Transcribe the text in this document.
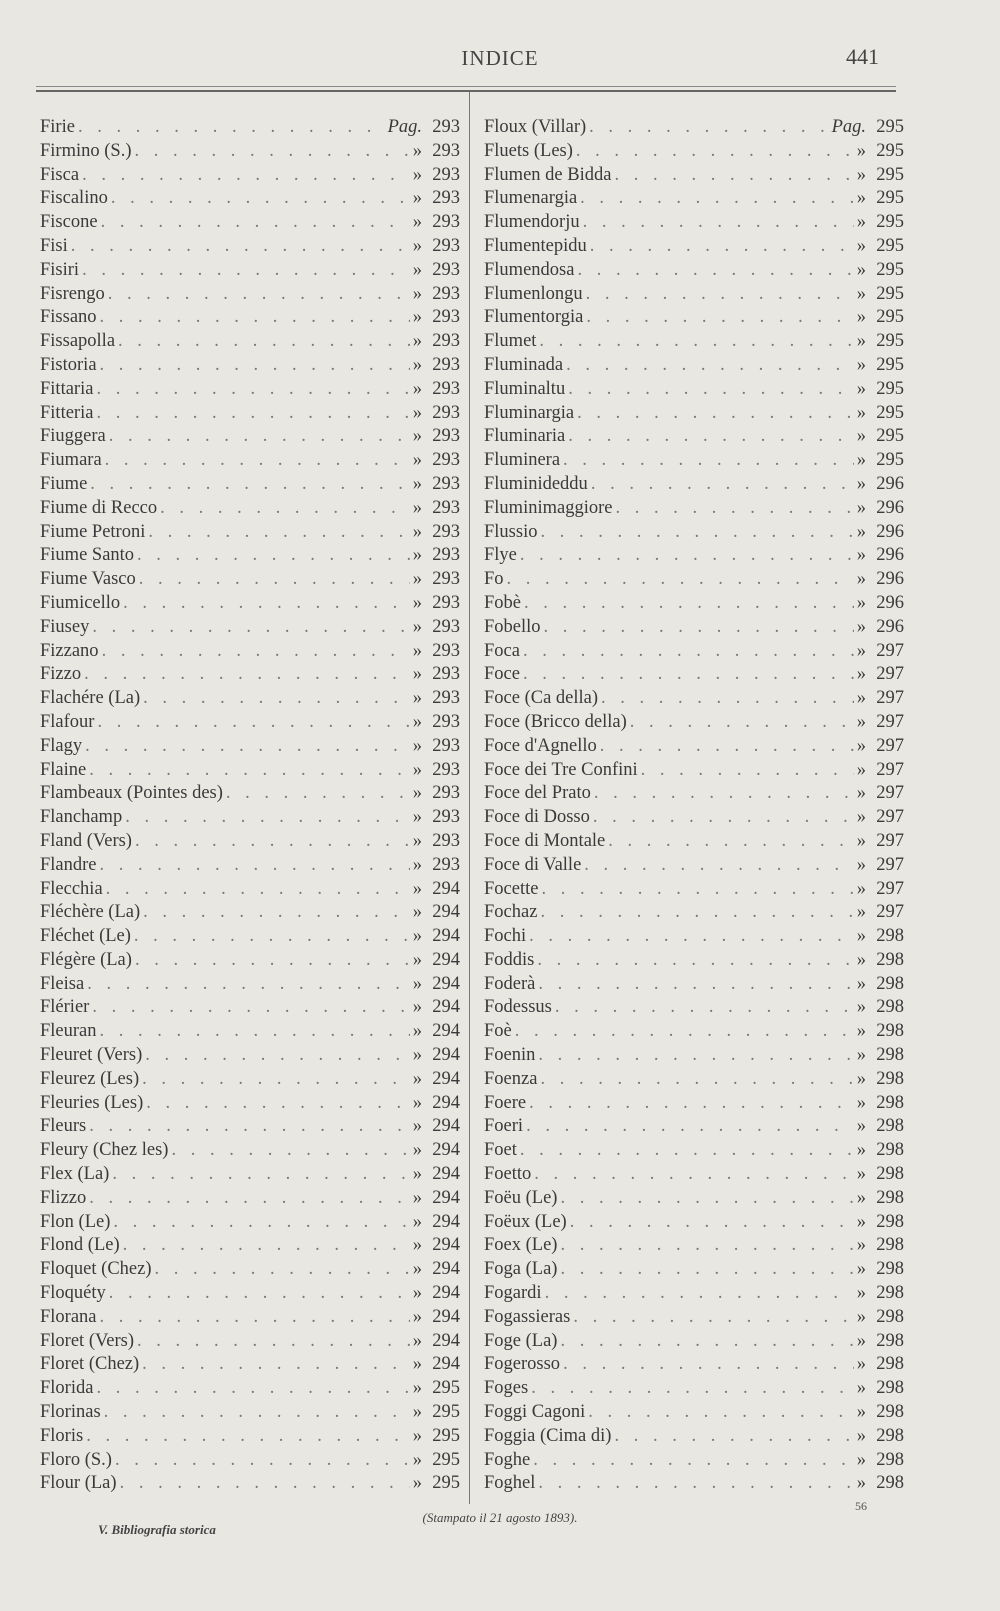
INDICE	441
Firie . . .	Pag. 293
Firmino (S.) . . .	» 293
Fisca . . .	» 293
Fiscalino . . .	» 293
Fiscone . . .	» 293
Fisi . . .	» 293
Fisiri . . .	» 293
Fisrengo . . .	» 293
Fissano . . .	» 293
Fissapolla . . .	» 293
Fistoria . . .	» 293
Fittaria . . .	» 293
Fitteria . . .	» 293
Fiuggera . . .	» 293
Fiumara . . .	» 293
Fiume . . .	» 293
Fiume di Recco . . .	» 293
Fiume Petroni . . .	» 293
Fiume Santo . . .	» 293
Fiume Vasco . . .	» 293
Fiumicello . . .	» 293
Fiusey . . .	» 293
Fizzano . . .	» 293
Fizzo . . .	» 293
Flachére (La) . . .	» 293
Flafour . . .	» 293
Flagy . . .	» 293
Flaine . . .	» 293
Flambeaux (Pointes des) . . .	» 293
Flanchamp . . .	» 293
Fland (Vers) . . .	» 293
Flandre . . .	» 293
Flecchia . . .	» 294
Fléchère (La) . . .	» 294
Fléchet (Le) . . .	» 294
Flégère (La) . . .	» 294
Fleisa . . .	» 294
Flérier . . .	» 294
Fleuran . . .	» 294
Fleuret (Vers) . . .	» 294
Fleurez (Les) . . .	» 294
Fleuries (Les) . . .	» 294
Fleurs . . .	» 294
Fleury (Chez les) . . .	» 294
Flex (La) . . .	» 294
Flizzo . . .	» 294
Flon (Le) . . .	» 294
Flond (Le) . . .	» 294
Floquet (Chez) . . .	» 294
Floquéty . . .	» 294
Florana . . .	» 294
Floret (Vers) . . .	» 294
Floret (Chez) . . .	» 294
Florida . . .	» 295
Florinas . . .	» 295
Floris . . .	» 295
Floro (S.) . . .	» 295
Flour (La) . . .	» 295
Floux (Villar) . . .	Pag. 295
Fluets (Les) . . .	» 295
Flumen de Bidda . . .	» 295
Flumenargia . . .	» 295
Flumendorju . . .	» 295
Flumentepidu . . .	» 295
Flumendosa . . .	» 295
Flumenlongu . . .	» 295
Flumentorgia . . .	» 295
Flumet . . .	» 295
Fluminada . . .	» 295
Fluminaltu . . .	» 295
Fluminargia . . .	» 295
Fluminaria . . .	» 295
Fluminera . . .	» 295
Fluminideddu . . .	» 296
Fluminimaggiore . . .	» 296
Flussio . . .	» 296
Flye . . .	» 296
Fo . . .	» 296
Fobè . . .	» 296
Fobello . . .	» 296
Foca . . .	» 297
Foce . . .	» 297
Foce (Ca della) . . .	» 297
Foce (Bricco della) . . .	» 297
Foce d'Agnello . . .	» 297
Foce dei Tre Confini . . .	» 297
Foce del Prato . . .	» 297
Foce di Dosso . . .	» 297
Foce di Montale . . .	» 297
Foce di Valle . . .	» 297
Focette . . .	» 297
Fochaz . . .	» 297
Fochi . . .	» 298
Foddis . . .	» 298
Foderà . . .	» 298
Fodessus . . .	» 298
Foè . . .	» 298
Foenin . . .	» 298
Foenza . . .	» 298
Foere . . .	» 298
Foeri . . .	» 298
Foet . . .	» 298
Foetto . . .	» 298
Foëu (Le) . . .	» 298
Foëux (Le) . . .	» 298
Foex (Le) . . .	» 298
Foga (La) . . .	» 298
Fogardi . . .	» 298
Fogassieras . . .	» 298
Foge (La) . . .	» 298
Fogerosso . . .	» 298
Foges . . .	» 298
Foggi Cagoni . . .	» 298
Foggia (Cima di) . . .	» 298
Foghe . . .	» 298
Foghel . . .	» 298
V. Bibliografia storica
(Stampato il 21 agosto 1893).
56
